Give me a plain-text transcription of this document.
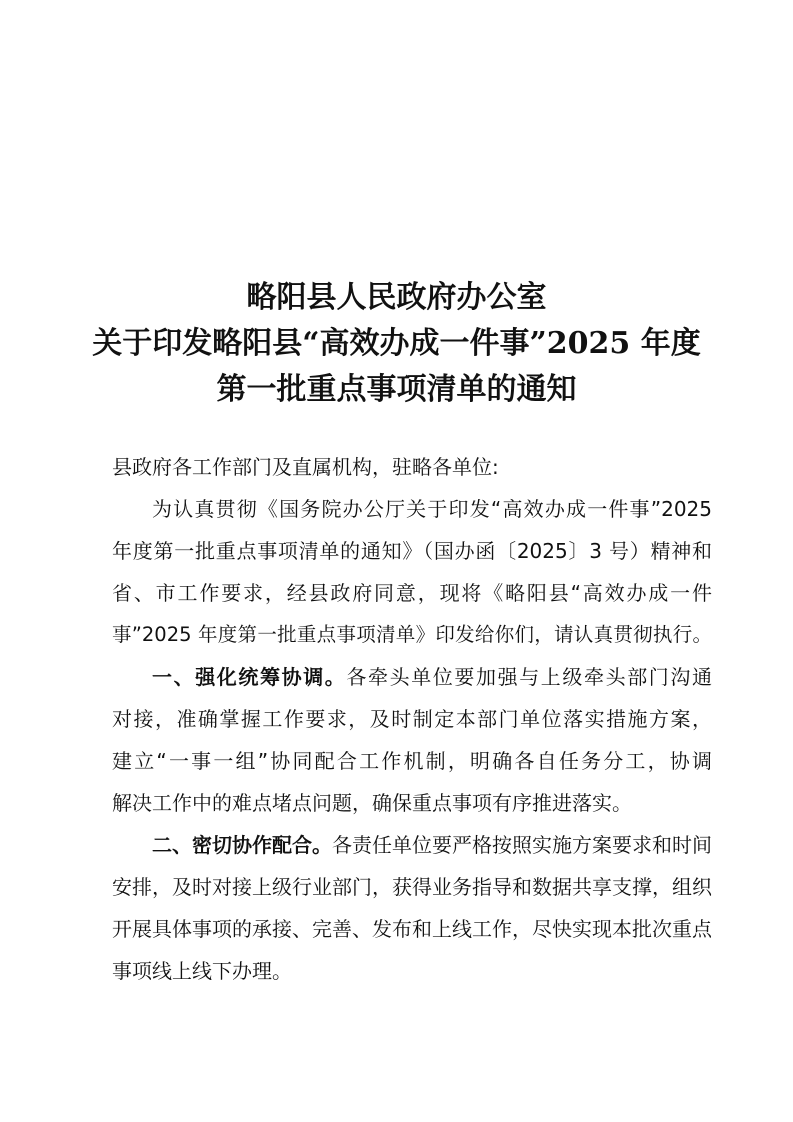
略阳县人民政府办公室
关于印发略阳县“高效办成一件事”2025 年度
第一批重点事项清单的通知
县政府各工作部门及直属机构，驻略各单位:
为认真贯彻《国务院办公厅关于印发“高效办成一件事”2025
年度第一批重点事项清单的通知》（国办函〔2025〕3 号）精神和
省、市工作要求，经县政府同意，现将《略阳县“高效办成一件
事”2025 年度第一批重点事项清单》印发给你们，请认真贯彻执行。
一、强化统筹协调。各牵头单位要加强与上级牵头部门沟通
对接，准确掌握工作要求，及时制定本部门单位落实措施方案，
建立“一事一组”协同配合工作机制，明确各自任务分工，协调
解决工作中的难点堵点问题，确保重点事项有序推进落实。
二、密切协作配合。各责任单位要严格按照实施方案要求和时间
安排，及时对接上级行业部门，获得业务指导和数据共享支撑，组织
开展具体事项的承接、完善、发布和上线工作，尽快实现本批次重点
事项线上线下办理。
